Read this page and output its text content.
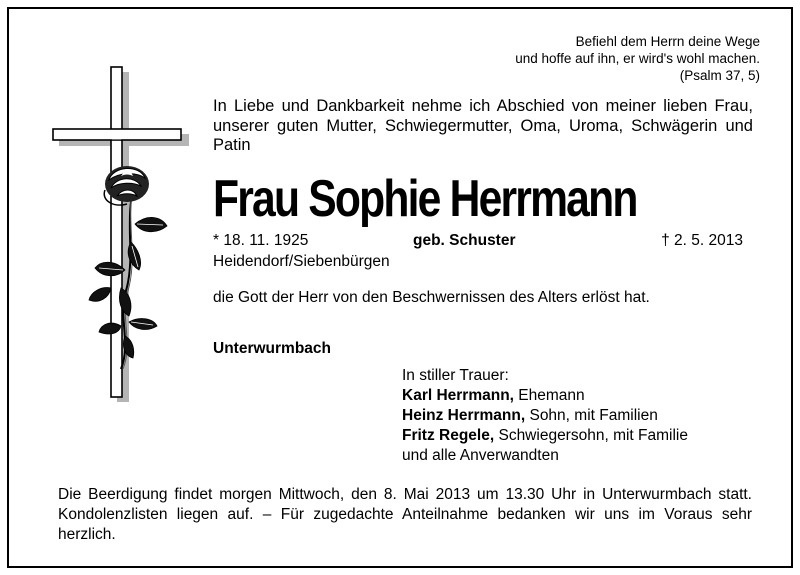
Befiehl dem Herrn deine Wege
und hoffe auf ihn, er wird's wohl machen.
(Psalm 37, 5)
In Liebe und Dankbarkeit nehme ich Abschied von meiner lieben Frau, unserer guten Mutter, Schwiegermutter, Oma, Uroma, Schwägerin und Patin
Frau Sophie Herrmann
* 18. 11. 1925	geb. Schuster	† 2. 5. 2013
Heidendorf/Siebenbürgen
die Gott der Herr von den Beschwernissen des Alters erlöst hat.
Unterwurmbach
In stiller Trauer:
Karl Herrmann, Ehemann
Heinz Herrmann, Sohn, mit Familien
Fritz Regele, Schwiegersohn, mit Familie
und alle Anverwandten
Die Beerdigung findet morgen Mittwoch, den 8. Mai 2013 um 13.30 Uhr in Unterwurmbach statt. Kondolenzlisten liegen auf. – Für zugedachte Anteilnahme bedanken wir uns im Voraus sehr herzlich.
